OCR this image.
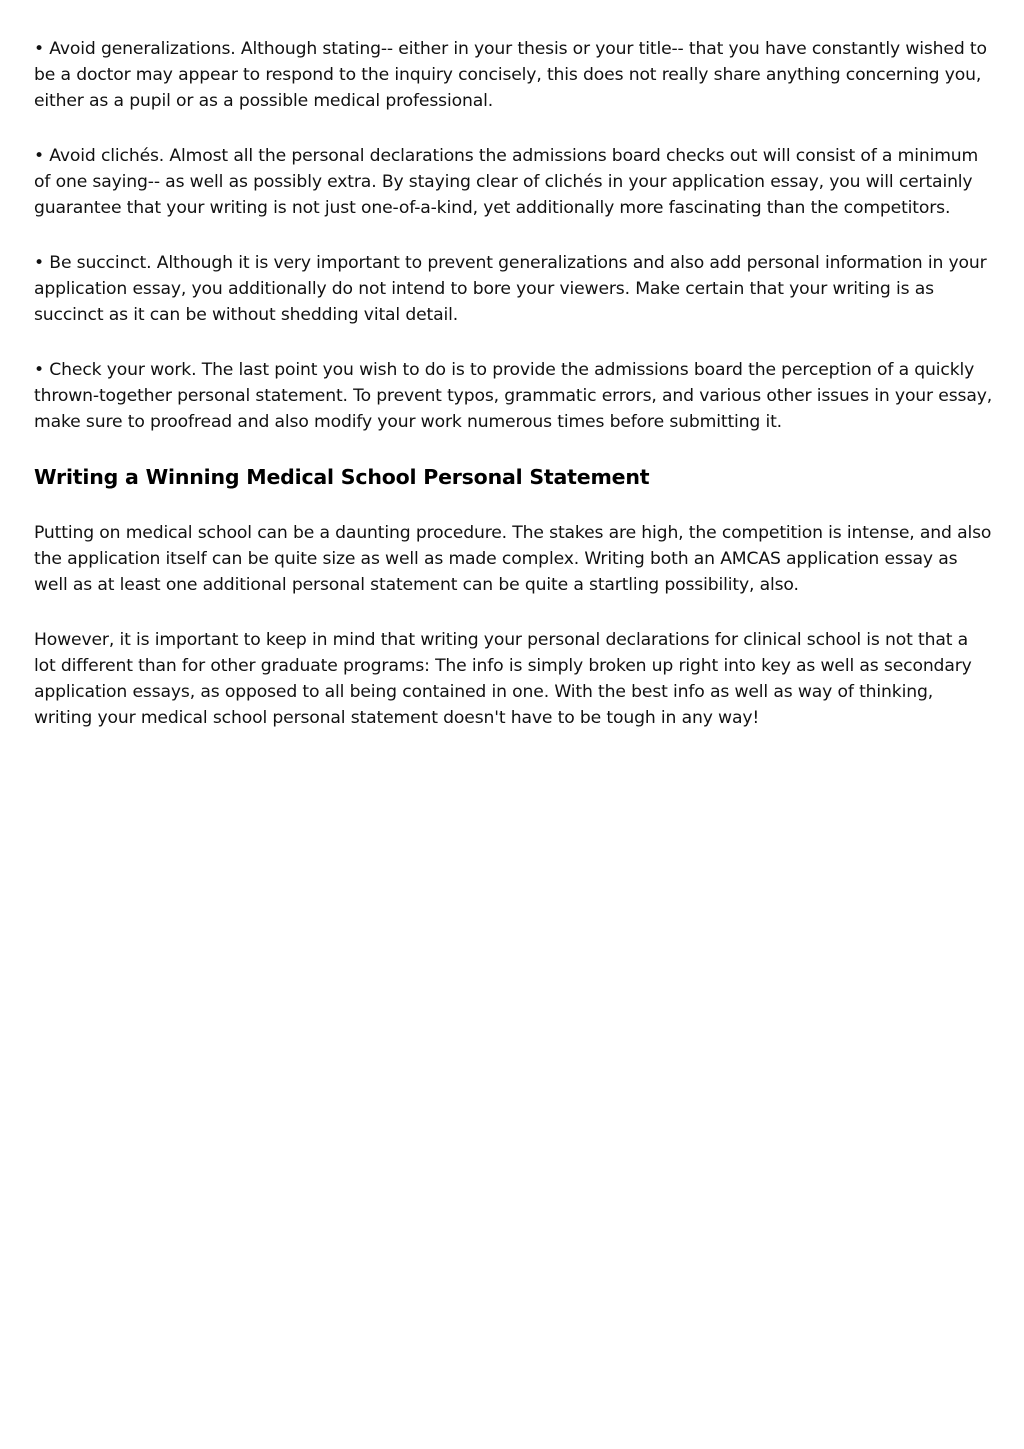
• Avoid generalizations. Although stating-- either in your thesis or your title-- that you have constantly wished to be a doctor may appear to respond to the inquiry concisely, this does not really share anything concerning you, either as a pupil or as a possible medical professional.

• Avoid clichés. Almost all the personal declarations the admissions board checks out will consist of a minimum of one saying-- as well as possibly extra. By staying clear of clichés in your application essay, you will certainly guarantee that your writing is not just one-of-a-kind, yet additionally more fascinating than the competitors.

• Be succinct. Although it is very important to prevent generalizations and also add personal information in your application essay, you additionally do not intend to bore your viewers. Make certain that your writing is as succinct as it can be without shedding vital detail.

• Check your work. The last point you wish to do is to provide the admissions board the perception of a quickly thrown-together personal statement. To prevent typos, grammatic errors, and various other issues in your essay, make sure to proofread and also modify your work numerous times before submitting it.

Writing a Winning Medical School Personal Statement

Putting on medical school can be a daunting procedure. The stakes are high, the competition is intense, and also the application itself can be quite size as well as made complex. Writing both an AMCAS application essay as well as at least one additional personal statement can be quite a startling possibility, also.

However, it is important to keep in mind that writing your personal declarations for clinical school is not that a lot different than for other graduate programs: The info is simply broken up right into key as well as secondary application essays, as opposed to all being contained in one. With the best info as well as way of thinking, writing your medical school personal statement doesn't have to be tough in any way!
